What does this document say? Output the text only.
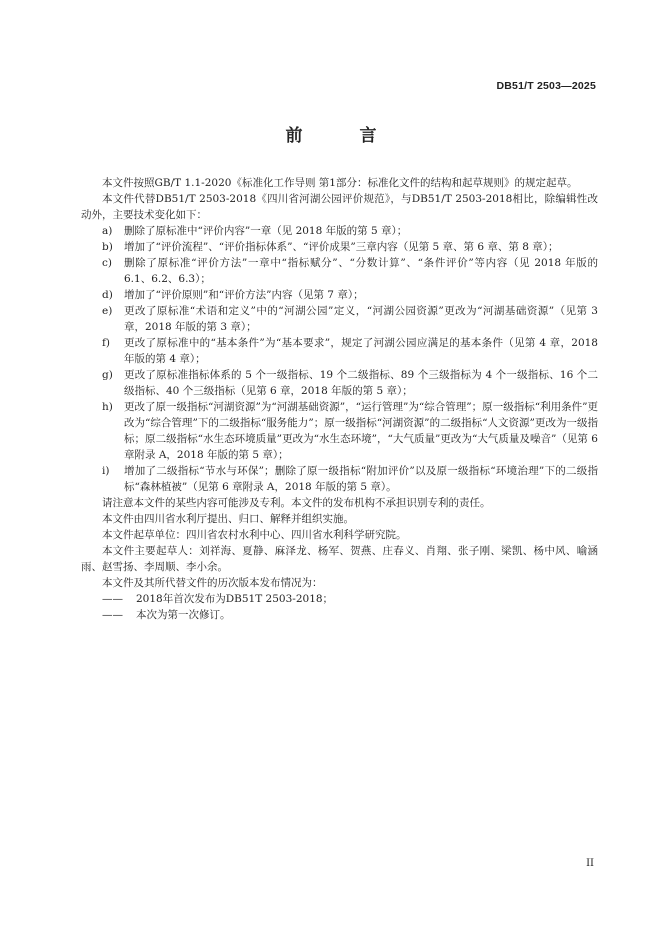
DB51/T 2503—2025
前　言

本文件按照GB/T 1.1-2020《标准化工作导则 第1部分：标准化文件的结构和起草规则》的规定起草。

本文件代替DB51/T 2503-2018《四川省河湖公园评价规范》，与DB51/T 2503-2018相比，除编辑性改动外，主要技术变化如下：

a)	删除了原标准中“评价内容”一章（见 2018 年版的第 5 章）；
b)	增加了“评价流程”、“评价指标体系”、“评价成果”三章内容（见第 5 章、第 6 章、第 8 章）；
c)	删除了原标准“评价方法”一章中“指标赋分”、“分数计算”、“条件评价”等内容（见 2018 年版的 6.1、6.2、6.3）；
d)	增加了“评价原则”和“评价方法”内容（见第 7 章）；
e)	更改了原标准“术语和定义”中的“河湖公园”定义，“河湖公园资源”更改为“河湖基础资源”（见第 3 章，2018 年版的第 3 章）；
f)	更改了原标准中的“基本条件”为“基本要求”，规定了河湖公园应满足的基本条件（见第 4 章，2018 年版的第 4 章）；
g)	更改了原标准指标体系的 5 个一级指标、19 个二级指标、89 个三级指标为 4 个一级指标、16 个二级指标、40 个三级指标（见第 6 章，2018 年版的第 5 章）；
h)	更改了原一级指标“河湖资源”为“河湖基础资源”，“运行管理”为“综合管理”；原一级指标“利用条件”更改为“综合管理”下的二级指标“服务能力”；原一级指标“河湖资源”的二级指标“人文资源”更改为一级指标；原二级指标“水生态环境质量”更改为“水生态环境”，“大气质量”更改为“大气质量及噪音”（见第 6 章附录 A，2018 年版的第 5 章）；
i)	增加了二级指标“节水与环保”；删除了原一级指标“附加评价”以及原一级指标“环境治理”下的二级指标“森林植被”（见第 6 章附录 A，2018 年版的第 5 章）。

请注意本文件的某些内容可能涉及专利。本文件的发布机构不承担识别专利的责任。

本文件由四川省水利厅提出、归口、解释并组织实施。

本文件起草单位：四川省农村水利中心、四川省水利科学研究院。

本文件主要起草人：刘祥海、夏静、麻泽龙、杨军、贺燕、庄春义、肖翔、张子刚、梁凯、杨中风、喻涵雨、赵雪扬、李周顺、李小余。

本文件及其所代替文件的历次版本发布情况为：

——	2018年首次发布为DB51T 2503-2018；
——	本次为第一次修订。
II
